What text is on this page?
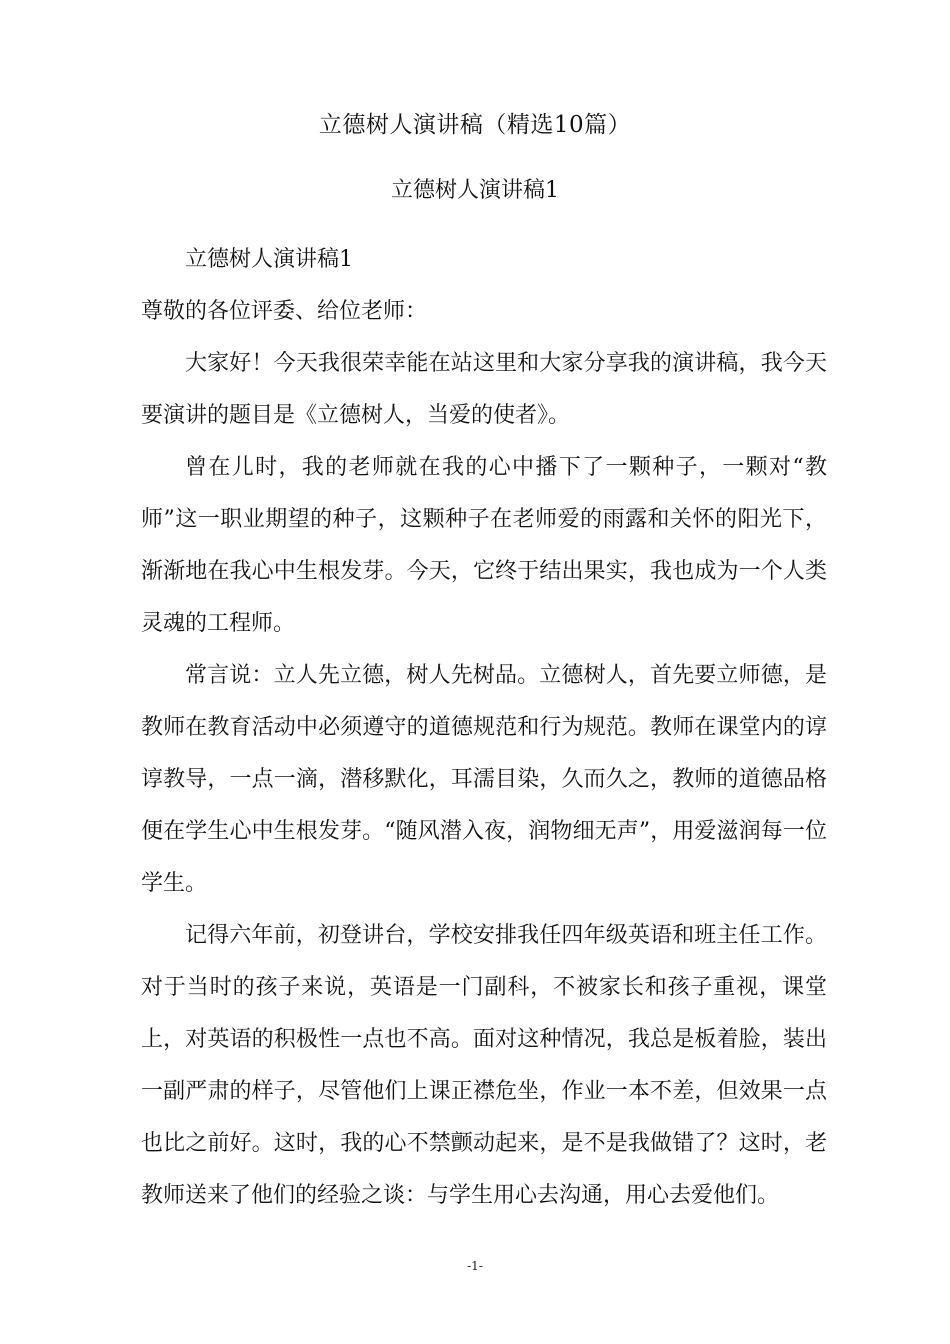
立德树人演讲稿（精选10篇）
立德树人演讲稿1

立德树人演讲稿1

尊敬的各位评委、给位老师：

大家好！今天我很荣幸能在站这里和大家分享我的演讲稿，我今天要演讲的题目是《立德树人，当爱的使者》。

曾在儿时，我的老师就在我的心中播下了一颗种子，一颗对“教师”这一职业期望的种子，这颗种子在老师爱的雨露和关怀的阳光下，渐渐地在我心中生根发芽。今天，它终于结出果实，我也成为一个人类灵魂的工程师。

常言说：立人先立德，树人先树品。立德树人，首先要立师德，是教师在教育活动中必须遵守的道德规范和行为规范。教师在课堂内的谆谆教导，一点一滴，潜移默化，耳濡目染，久而久之，教师的道德品格便在学生心中生根发芽。“随风潜入夜，润物细无声”，用爱滋润每一位学生。

记得六年前，初登讲台，学校安排我任四年级英语和班主任工作。对于当时的孩子来说，英语是一门副科，不被家长和孩子重视，课堂上，对英语的积极性一点也不高。面对这种情况，我总是板着脸，装出一副严肃的样子，尽管他们上课正襟危坐，作业一本不差，但效果一点也比之前好。这时，我的心不禁颤动起来，是不是我做错了？这时，老教师送来了他们的经验之谈：与学生用心去沟通，用心去爱他们。

-1-
